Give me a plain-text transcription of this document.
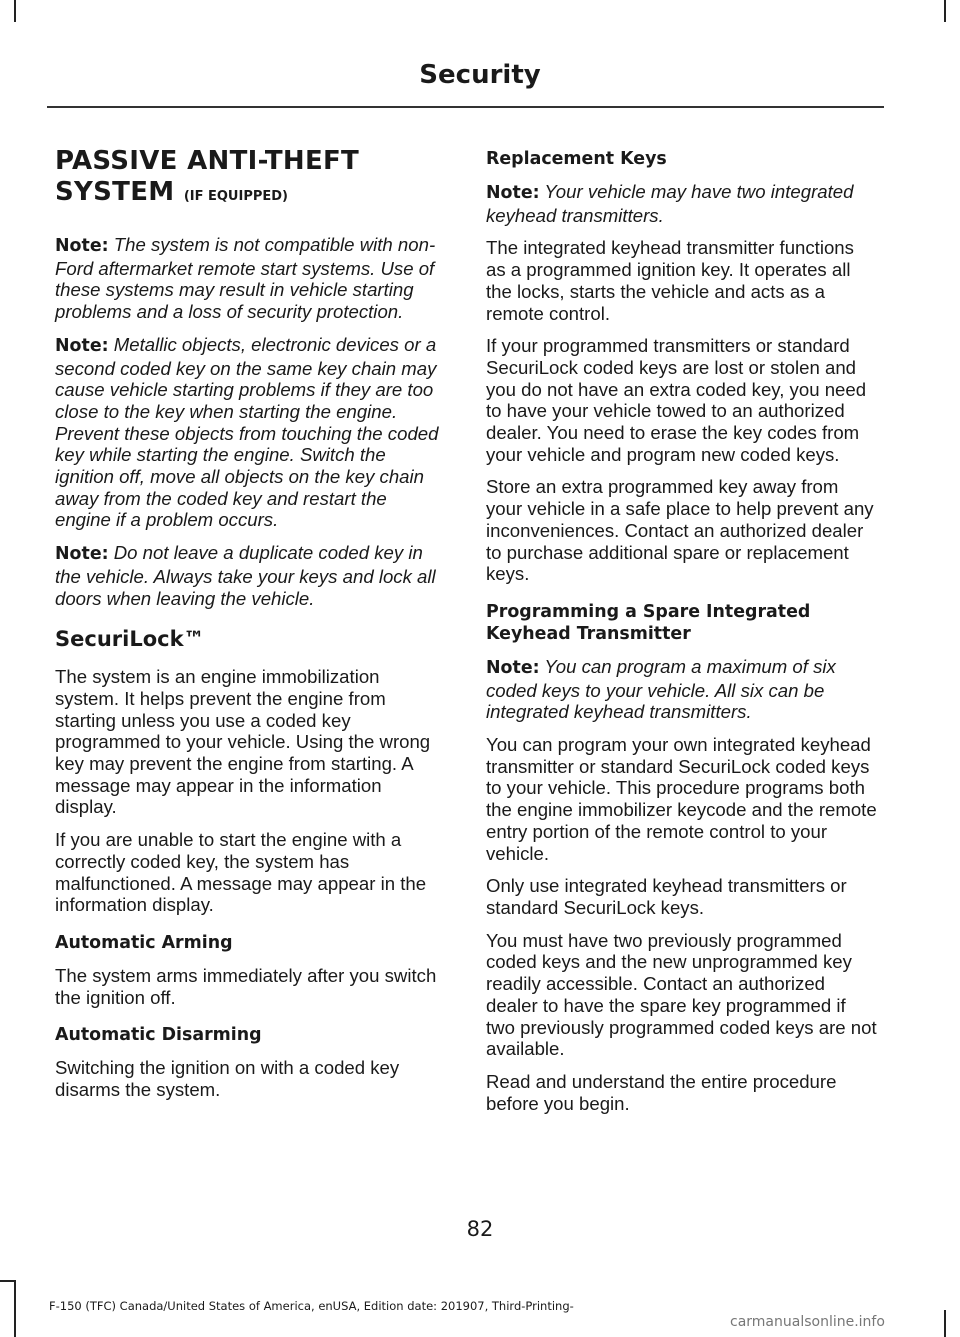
Security
PASSIVE ANTI-THEFT SYSTEM (IF EQUIPPED)

Note: The system is not compatible with non-Ford aftermarket remote start systems. Use of these systems may result in vehicle starting problems and a loss of security protection.

Note: Metallic objects, electronic devices or a second coded key on the same key chain may cause vehicle starting problems if they are too close to the key when starting the engine. Prevent these objects from touching the coded key while starting the engine. Switch the ignition off, move all objects on the key chain away from the coded key and restart the engine if a problem occurs.

Note: Do not leave a duplicate coded key in the vehicle. Always take your keys and lock all doors when leaving the vehicle.

SecuriLock™

The system is an engine immobilization system. It helps prevent the engine from starting unless you use a coded key programmed to your vehicle. Using the wrong key may prevent the engine from starting. A message may appear in the information display.

If you are unable to start the engine with a correctly coded key, the system has malfunctioned. A message may appear in the information display.

Automatic Arming

The system arms immediately after you switch the ignition off.

Automatic Disarming

Switching the ignition on with a coded key disarms the system.

Replacement Keys

Note: Your vehicle may have two integrated keyhead transmitters.

The integrated keyhead transmitter functions as a programmed ignition key. It operates all the locks, starts the vehicle and acts as a remote control.

If your programmed transmitters or standard SecuriLock coded keys are lost or stolen and you do not have an extra coded key, you need to have your vehicle towed to an authorized dealer. You need to erase the key codes from your vehicle and program new coded keys.

Store an extra programmed key away from your vehicle in a safe place to help prevent any inconveniences. Contact an authorized dealer to purchase additional spare or replacement keys.

Programming a Spare Integrated Keyhead Transmitter

Note: You can program a maximum of six coded keys to your vehicle. All six can be integrated keyhead transmitters.

You can program your own integrated keyhead transmitter or standard SecuriLock coded keys to your vehicle. This procedure programs both the engine immobilizer keycode and the remote entry portion of the remote control to your vehicle.

Only use integrated keyhead transmitters or standard SecuriLock keys.

You must have two previously programmed coded keys and the new unprogrammed key readily accessible. Contact an authorized dealer to have the spare key programmed if two previously programmed coded keys are not available.

Read and understand the entire procedure before you begin.

82
F-150 (TFC) Canada/United States of America, enUSA, Edition date: 201907, Third-Printing-
carmanualsonline.info
